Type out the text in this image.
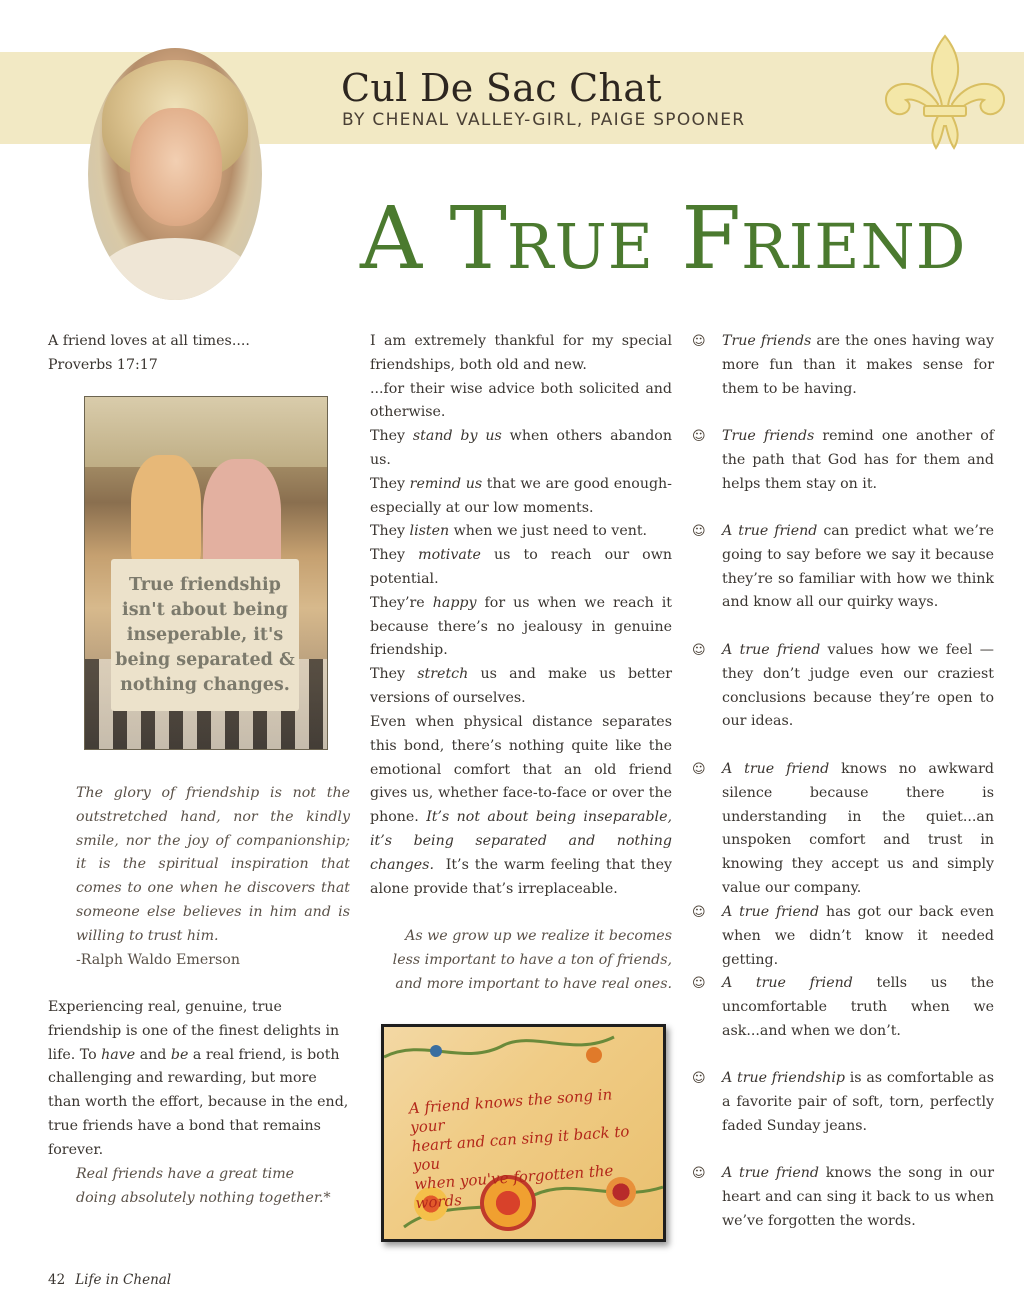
Cul De Sac Chat
BY CHENAL VALLEY-GIRL, PAIGE SPOONER
A TRUE FRIEND
A friend loves at all times....
Proverbs 17:17
True friendship
isn't about being
inseperable, it's
being separated &
nothing changes.
The glory of friendship is not the outstretched hand, nor the kindly smile, nor the joy of companionship; it is the spiritual inspiration that comes to one when he discovers that someone else believes in him and is willing to trust him.
-Ralph Waldo Emerson
Experiencing real, genuine, true friendship is one of the finest delights in life. To have and be a real friend, is both challenging and rewarding, but more than worth the effort, because in the end, true friends have a bond that remains forever.
Real friends have a great time
doing absolutely nothing together.*
I am extremely thankful for my special friendships, both old and new.
...for their wise advice both solicited and otherwise.
They stand by us when others abandon us.
They remind us that we are good enough- especially at our low moments.
They listen when we just need to vent.
They motivate us to reach our own potential.
They’re happy for us when we reach it because there’s no jealousy in genuine friendship.
They stretch us and make us better versions of ourselves.
Even when physical distance separates this bond, there’s nothing quite like the emotional comfort that an old friend gives us, whether face-to-face or over the phone. It’s not about being inseparable, it’s being separated and nothing changes. It’s the warm feeling that they alone provide that’s irreplaceable.
As we grow up we realize it becomes
less important to have a ton of friends,
and more important to have real ones.
A friend knows the song in your
heart and can sing it back to you
when you've forgotten the words
☺ True friends are the ones having way more fun than it makes sense for them to be having.
☺ True friends remind one another of the path that God has for them and helps them stay on it.
☺ A true friend can predict what we’re going to say before we say it because they’re so familiar with how we think and know all our quirky ways.
☺ A true friend values how we feel — they don’t judge even our craziest conclusions because they’re open to our ideas.
☺ A true friend knows no awkward silence because there is understanding in the quiet...an unspoken comfort and trust in knowing they accept us and simply value our company.
☺ A true friend has got our back even when we didn’t know it needed getting.
☺ A true friend tells us the uncomfortable truth when we ask...and when we don’t.
☺ A true friendship is as comfortable as a favorite pair of soft, torn, perfectly faded Sunday jeans.
☺ A true friend knows the song in our heart and can sing it back to us when we’ve forgotten the words.
42 Life in Chenal
